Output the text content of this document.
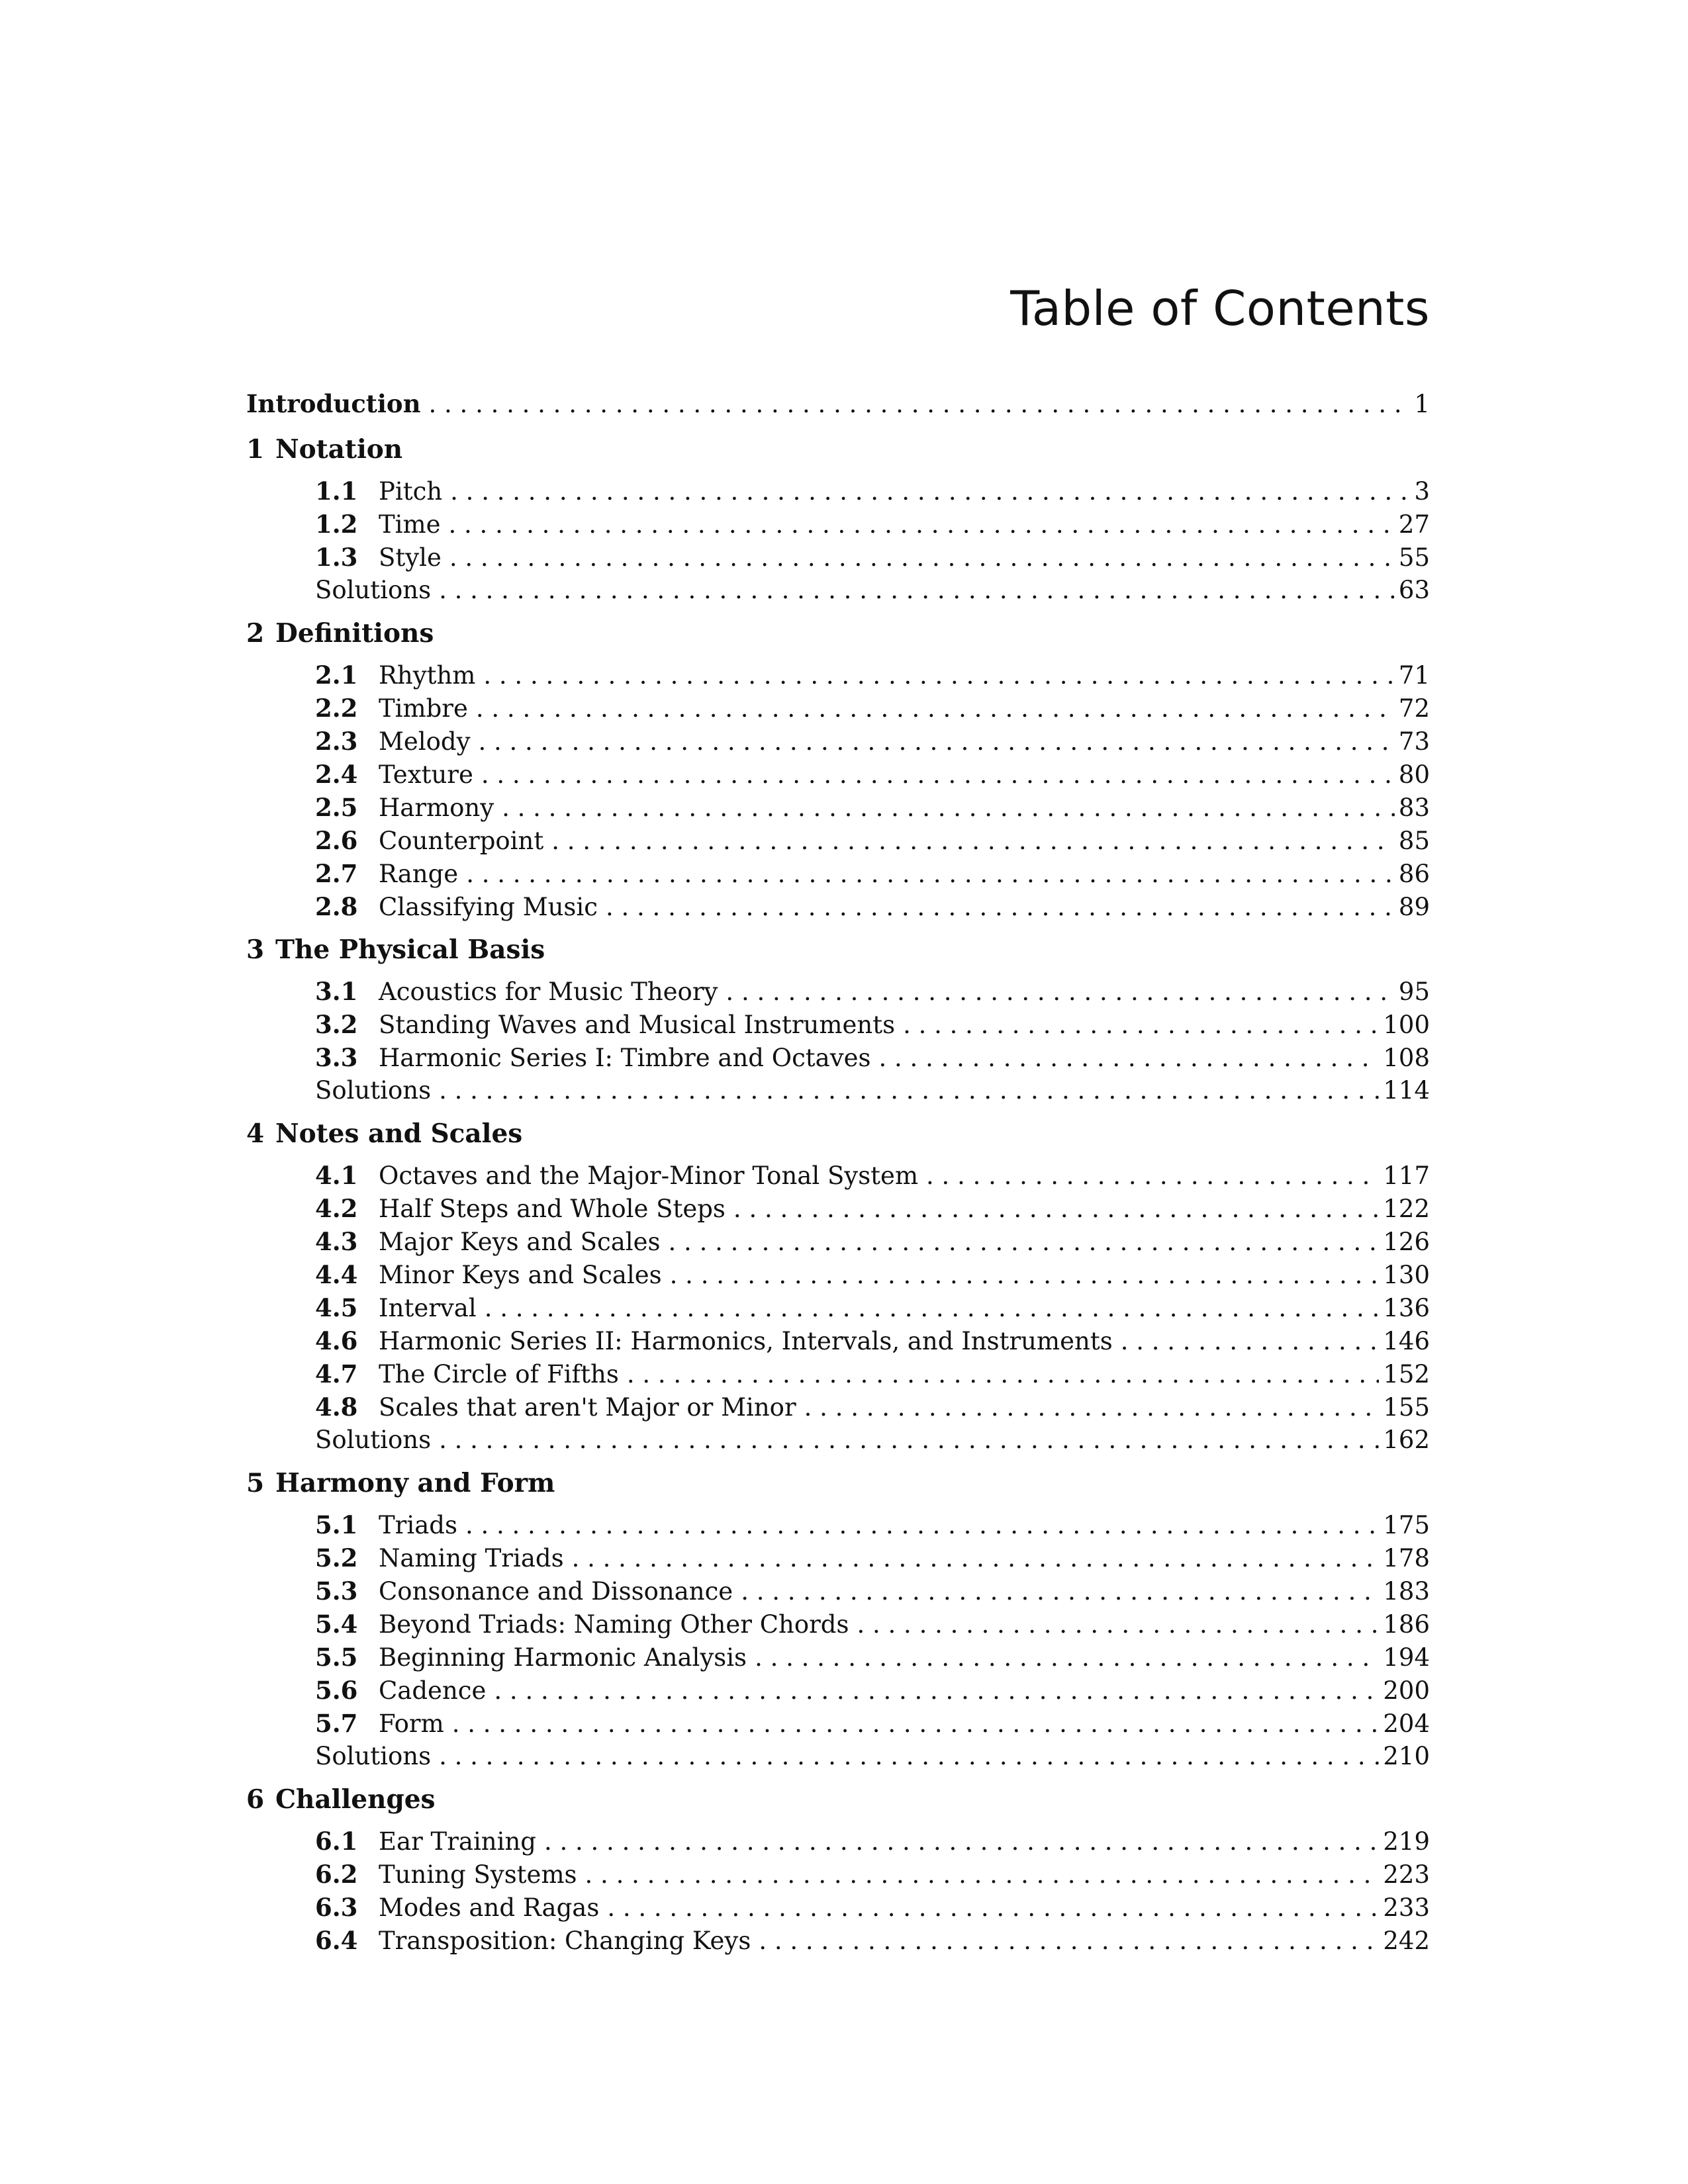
Table of Contents
Introduction . . .	1
1 Notation
1.1 Pitch . . .	3
1.2 Time . . .	27
1.3 Style . . .	55
Solutions . . .	63
2 Definitions
2.1 Rhythm . . .	71
2.2 Timbre . . .	72
2.3 Melody . . .	73
2.4 Texture . . .	80
2.5 Harmony . . .	83
2.6 Counterpoint . . .	85
2.7 Range . . .	86
2.8 Classifying Music . . .	89
3 The Physical Basis
3.1 Acoustics for Music Theory . . .	95
3.2 Standing Waves and Musical Instruments . . .	100
3.3 Harmonic Series I: Timbre and Octaves . . .	108
Solutions . . .	114
4 Notes and Scales
4.1 Octaves and the Major-Minor Tonal System . . .	117
4.2 Half Steps and Whole Steps . . .	122
4.3 Major Keys and Scales . . .	126
4.4 Minor Keys and Scales . . .	130
4.5 Interval . . .	136
4.6 Harmonic Series II: Harmonics, Intervals, and Instruments . . .	146
4.7 The Circle of Fifths . . .	152
4.8 Scales that aren't Major or Minor . . .	155
Solutions . . .	162
5 Harmony and Form
5.1 Triads . . .	175
5.2 Naming Triads . . .	178
5.3 Consonance and Dissonance . . .	183
5.4 Beyond Triads: Naming Other Chords . . .	186
5.5 Beginning Harmonic Analysis . . .	194
5.6 Cadence . . .	200
5.7 Form . . .	204
Solutions . . .	210
6 Challenges
6.1 Ear Training . . .	219
6.2 Tuning Systems . . .	223
6.3 Modes and Ragas . . .	233
6.4 Transposition: Changing Keys . . .	242
